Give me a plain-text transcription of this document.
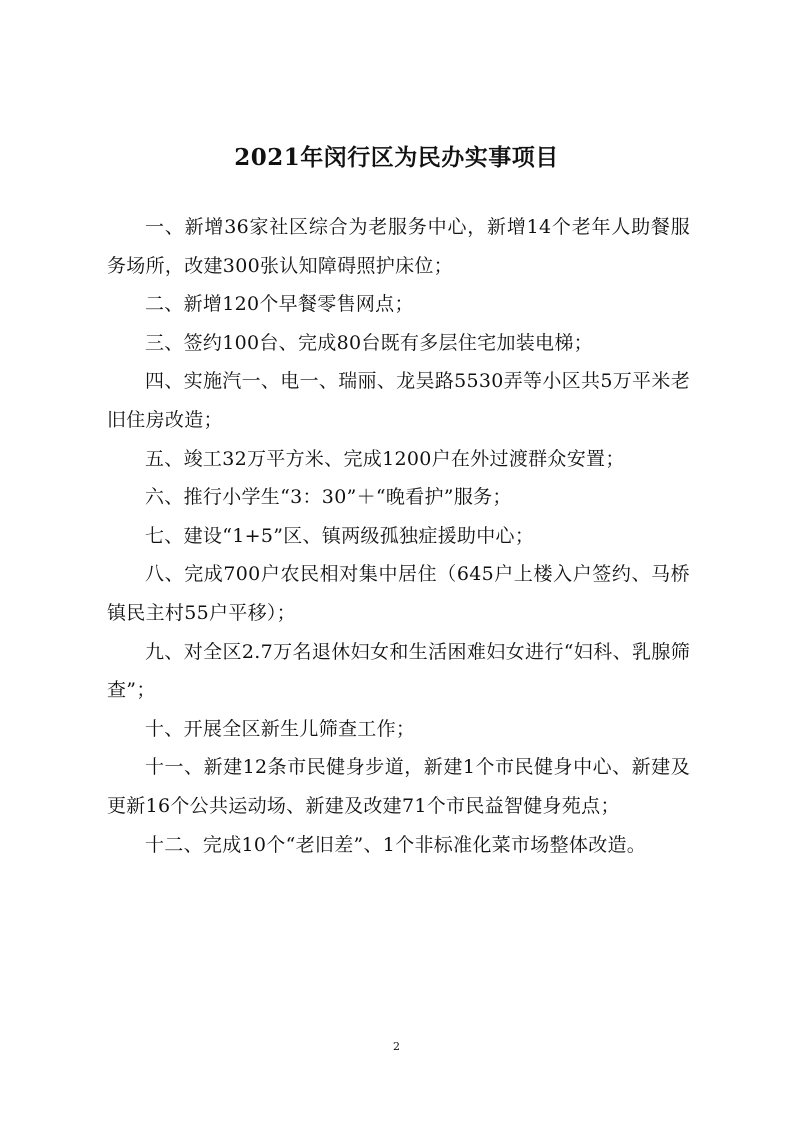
2021年闵行区为民办实事项目

一、新增36家社区综合为老服务中心，新增14个老年人助餐服务场所，改建300张认知障碍照护床位；

二、新增120个早餐零售网点；

三、签约100台、完成80台既有多层住宅加装电梯；

四、实施汽一、电一、瑞丽、龙吴路5530弄等小区共5万平米老旧住房改造；

五、竣工32万平方米、完成1200户在外过渡群众安置；

六、推行小学生“3：30”＋“晚看护”服务；

七、建设“1+5”区、镇两级孤独症援助中心；

八、完成700户农民相对集中居住（645户上楼入户签约、马桥镇民主村55户平移）；

九、对全区2.7万名退休妇女和生活困难妇女进行“妇科、乳腺筛查”；

十、开展全区新生儿筛查工作；

十一、新建12条市民健身步道，新建1个市民健身中心、新建及更新16个公共运动场、新建及改建71个市民益智健身苑点；

十二、完成10个“老旧差”、1个非标准化菜市场整体改造。

2
